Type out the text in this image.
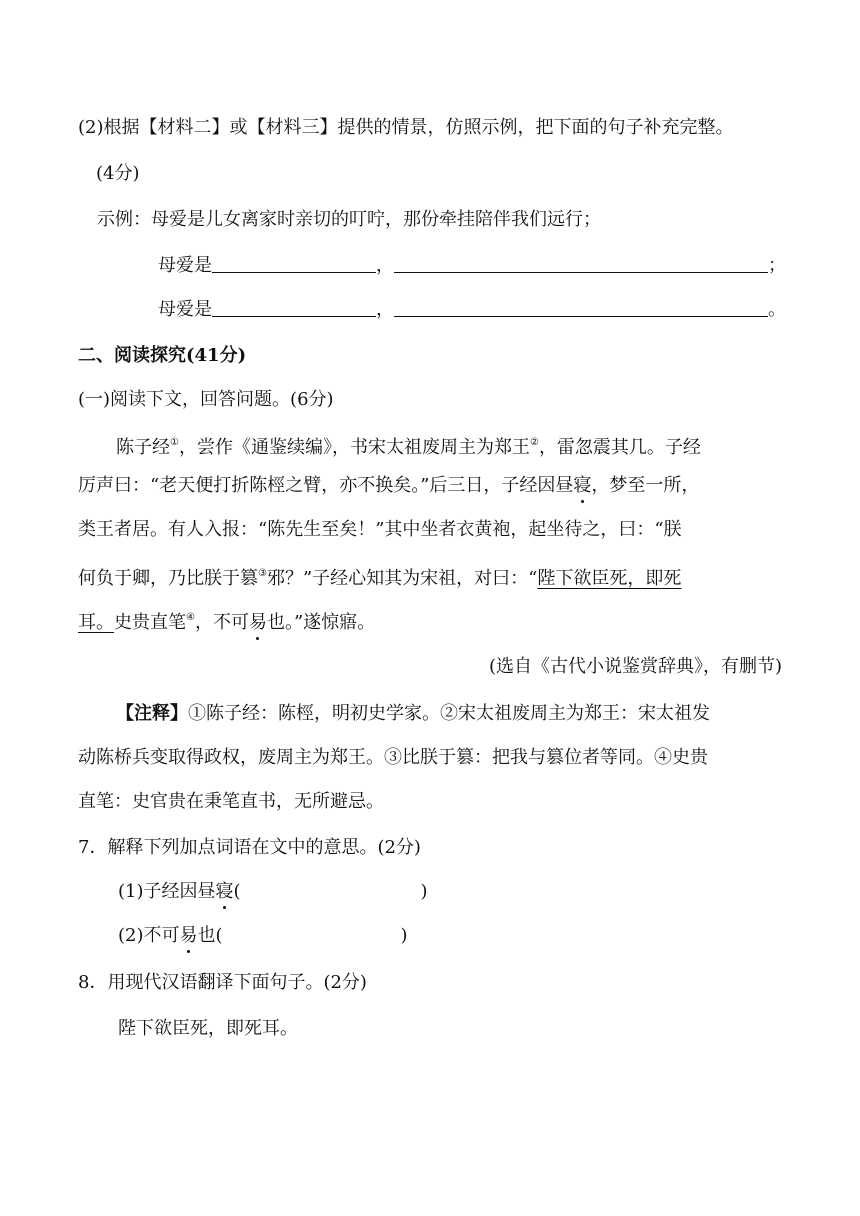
(2)根据【材料二】或【材料三】提供的情景，仿照示例，把下面的句子补充完整。
(4分)
示例：母爱是儿女离家时亲切的叮咛，那份牵挂陪伴我们远行；
母爱是	，	；
母爱是	，	。
二、阅读探究(41分)
(一)阅读下文，回答问题。(6分)
陈子经①，尝作《通鉴续编》，书宋太祖废周主为郑王②，雷忽震其几。子经
厉声曰：“老天便打折陈桱之臂，亦不换矣。”后三日，子经因昼寝，梦至一所，
类王者居。有人入报：“陈先生至矣！”其中坐者衣黄袍，起坐待之，曰：“朕
何负于卿，乃比朕于篡③邪？”子经心知其为宋祖，对曰：“陛下欲臣死，即死
耳。史贵直笔④，不可易也。”遂惊寤。
(选自《古代小说鉴赏辞典》，有删节)
【注释】①陈子经：陈桱，明初史学家。②宋太祖废周主为郑王：宋太祖发
动陈桥兵变取得政权，废周主为郑王。③比朕于篡：把我与篡位者等同。④史贵
直笔：史官贵在秉笔直书，无所避忌。
7．解释下列加点词语在文中的意思。(2分)
(1)子经因昼寝(	)
(2)不可易也(	)
8．用现代汉语翻译下面句子。(2分)
陛下欲臣死，即死耳。
